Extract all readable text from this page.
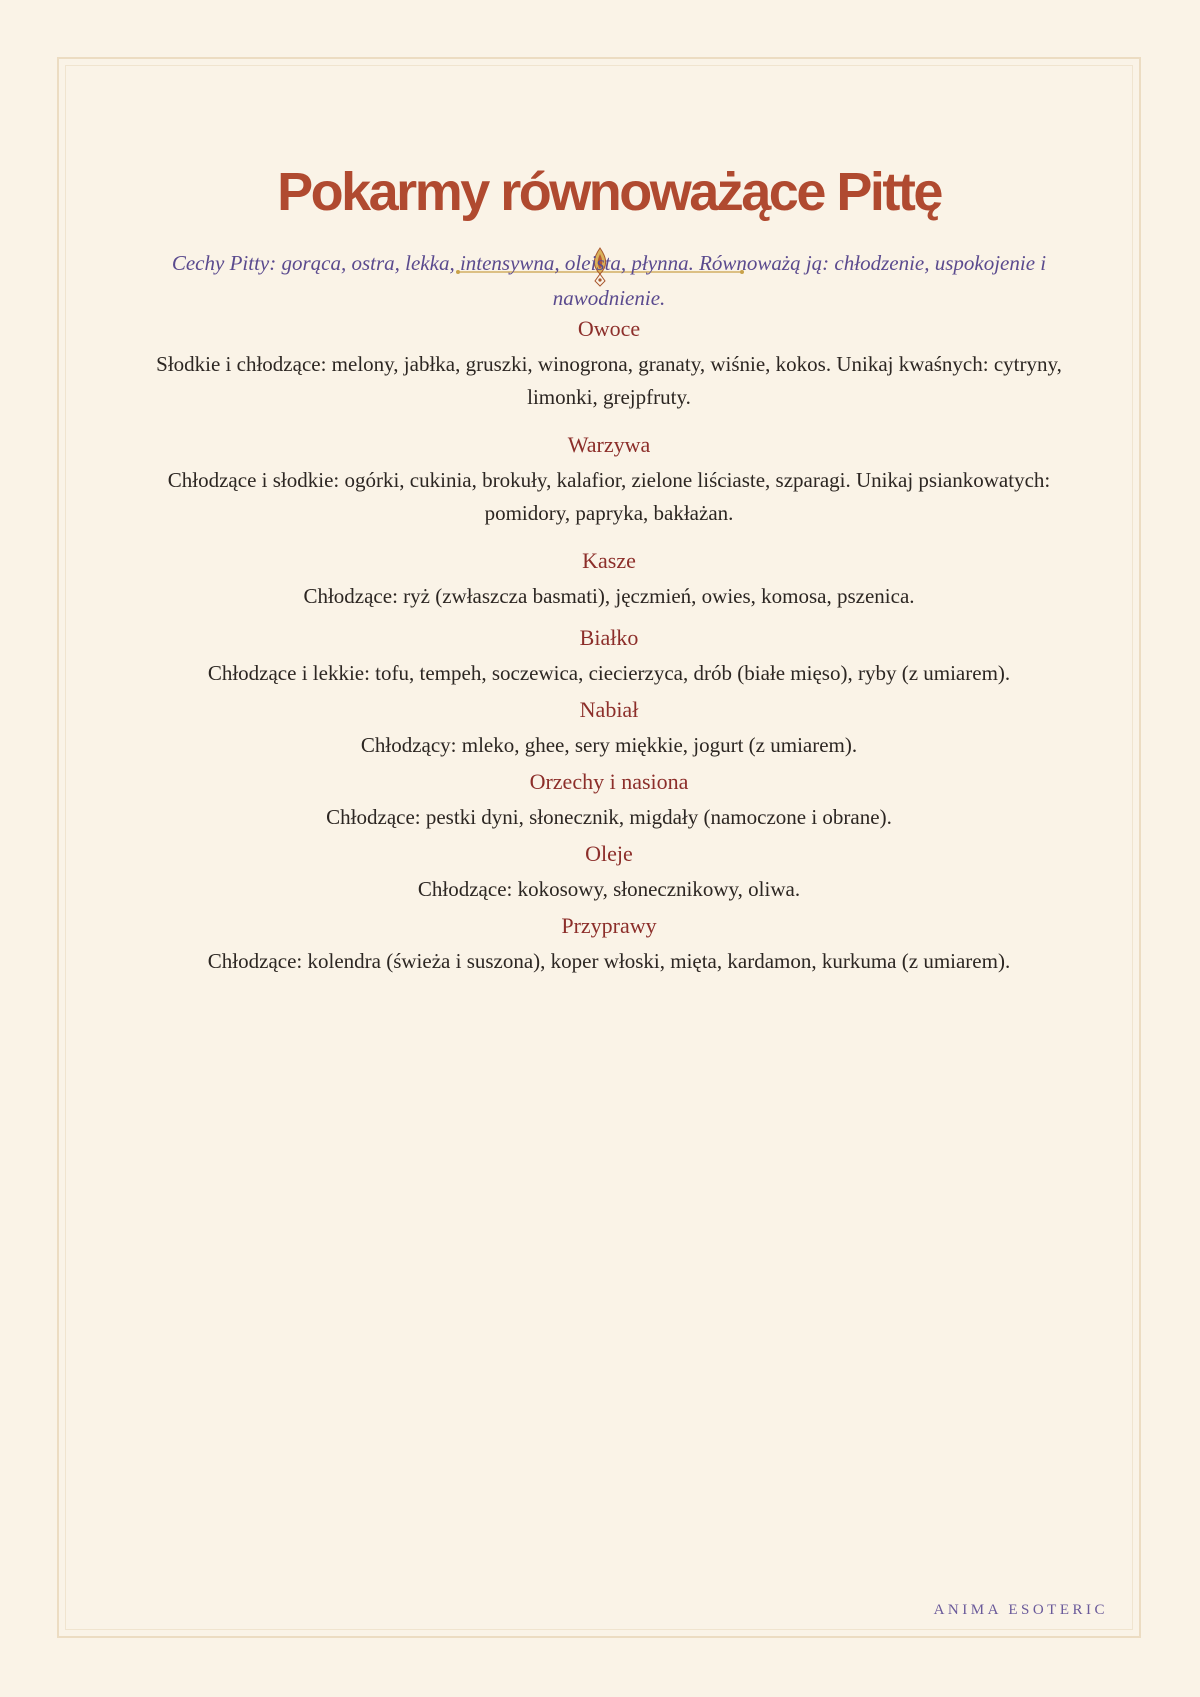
Pokarmy równoważące Pittę

Cechy Pitty: gorąca, ostra, lekka, intensywna, oleista, płynna. Równoważą ją: chłodzenie, uspokojenie i nawodnienie.

Owoce

Słodkie i chłodzące: melony, jabłka, gruszki, winogrona, granaty, wiśnie, kokos. Unikaj kwaśnych: cytryny, limonki, grejpfruty.

Warzywa

Chłodzące i słodkie: ogórki, cukinia, brokuły, kalafior, zielone liściaste, szparagi. Unikaj psiankowatych: pomidory, papryka, bakłażan.

Kasze

Chłodzące: ryż (zwłaszcza basmati), jęczmień, owies, komosa, pszenica.

Białko

Chłodzące i lekkie: tofu, tempeh, soczewica, ciecierzyca, drób (białe mięso), ryby (z umiarem).

Nabiał

Chłodzący: mleko, ghee, sery miękkie, jogurt (z umiarem).

Orzechy i nasiona

Chłodzące: pestki dyni, słonecznik, migdały (namoczone i obrane).

Oleje

Chłodzące: kokosowy, słonecznikowy, oliwa.

Przyprawy

Chłodzące: kolendra (świeża i suszona), koper włoski, mięta, kardamon, kurkuma (z umiarem).

ANIMA ESOTERIC
